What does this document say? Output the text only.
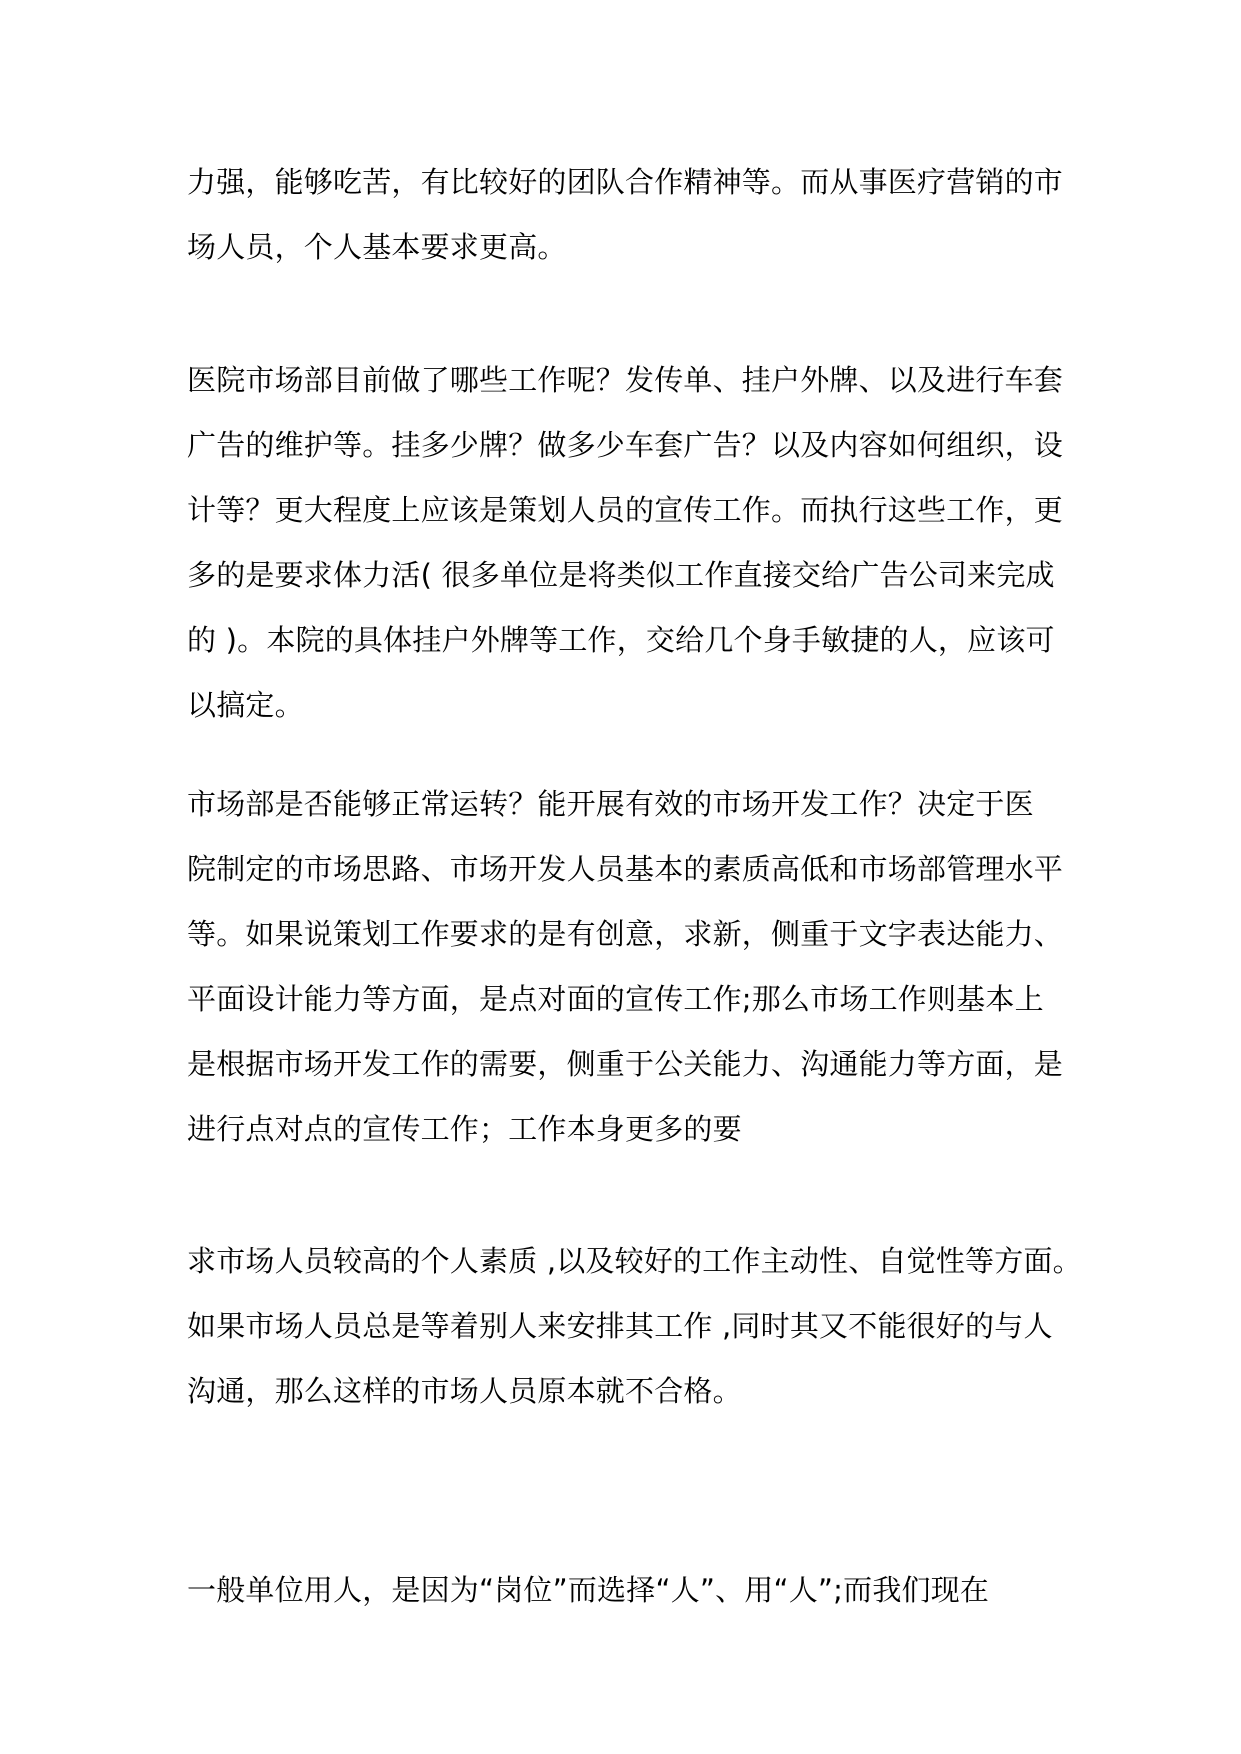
力强，能够吃苦，有比较好的团队合作精神等。而从事医疗营销的市
场人员，个人基本要求更高。
医院市场部目前做了哪些工作呢？发传单、挂户外牌、以及进行车套
广告的维护等。挂多少牌？做多少车套广告？以及内容如何组织，设
计等？更大程度上应该是策划人员的宣传工作。而执行这些工作，更
多的是要求体力活( 很多单位是将类似工作直接交给广告公司来完成
的 )。本院的具体挂户外牌等工作，交给几个身手敏捷的人，应该可
以搞定。
市场部是否能够正常运转？能开展有效的市场开发工作？决定于医
院制定的市场思路、市场开发人员基本的素质高低和市场部管理水平
等。如果说策划工作要求的是有创意，求新，侧重于文字表达能力、
平面设计能力等方面，是点对面的宣传工作;那么市场工作则基本上
是根据市场开发工作的需要，侧重于公关能力、沟通能力等方面，是
进行点对点的宣传工作；工作本身更多的要
求市场人员较高的个人素质 ,以及较好的工作主动性、自觉性等方面。
如果市场人员总是等着别人来安排其工作 ,同时其又不能很好的与人
沟通，那么这样的市场人员原本就不合格。
一般单位用人，是因为“岗位”而选择“人”、用“人”;而我们现在
